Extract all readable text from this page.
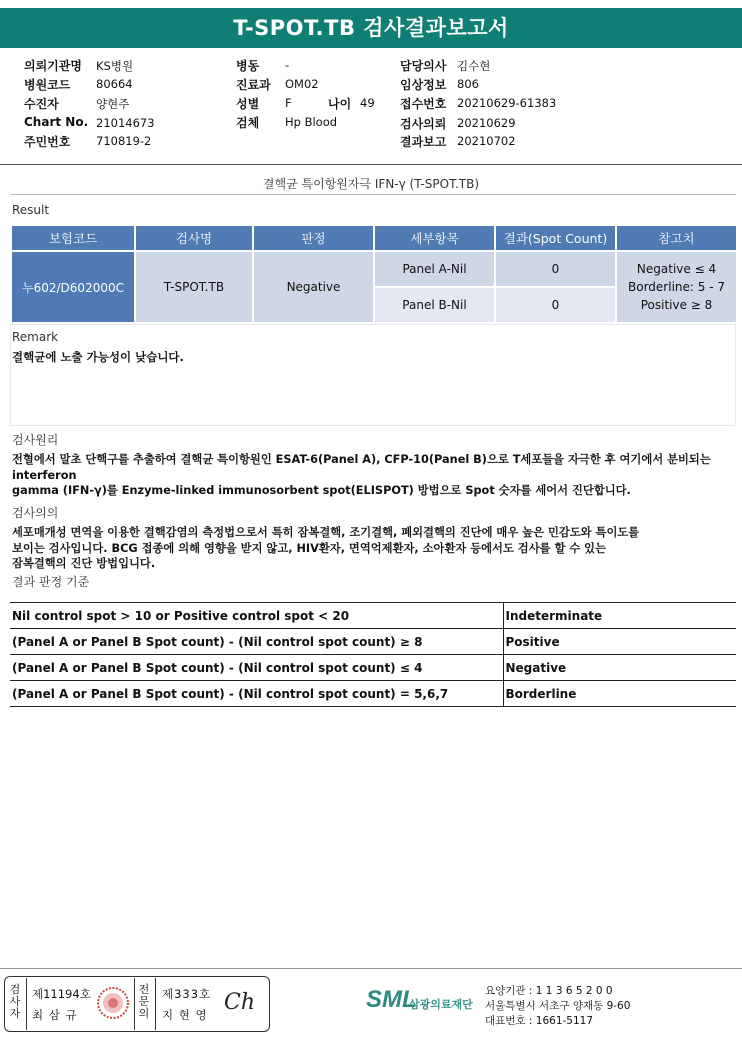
T-SPOT.TB 검사결과보고서
의뢰기관명 KS병원
병원코드 80664
수진자	양현주
Chart No. 21014673
주민번호 710819-2
병동 -
진료과 OM02
성별 F	나이 49
검체 Hp Blood
담당의사 김수현
임상정보 806
접수번호 20210629-61383
검사의뢰 20210629
결과보고 20210702
결핵균 특이항원자극 IFN-γ (T-SPOT.TB)
Result
보험코드	검사명	판정	세부항목	결과(Spot Count)	참고치
누602/D602000C	T-SPOT.TB	Negative	Panel A-Nil	0	Negative ≤ 4
Borderline: 5 - 7
Positive ≥ 8

			Panel B-Nil	0	
Remark
결핵균에 노출 가능성이 낮습니다.
검사원리
전혈에서 말초 단핵구를 추출하여 결핵균 특이항원인 ESAT-6(Panel A), CFP-10(Panel B)으로 T세포들을 자극한 후 여기에서 분비되는
interferon
gamma (IFN-γ)를 Enzyme-linked immunosorbent spot(ELISPOT) 방법으로 Spot 숫자를 세어서 진단합니다.
검사의의
세포매개성 면역을 이용한 결핵감염의 측정법으로서 특히 잠복결핵, 조기결핵, 폐외결핵의 진단에 매우 높은 민감도와 특이도를
보이는 검사입니다. BCG 접종에 의해 영향을 받지 않고, HIV환자, 면역억제환자, 소아환자 등에서도 검사를 할 수 있는
잠복결핵의 진단 방법입니다.
결과 판정 기준
Nil control spot > 10 or Positive control spot < 20	Indeterminate
(Panel A or Panel B Spot count) - (Nil control spot count) ≥ 8	Positive
(Panel A or Panel B Spot count) - (Nil control spot count) ≤ 4	Negative
(Panel A or Panel B Spot count) - (Nil control spot count) = 5,6,7	Borderline
검사자
제11194호
최 삼 규
전문의
제333호
지 현 영 Ch	SML
삼광의료재단
요양기관 : 1 1 3 6 5 2 0 0
서울특별시 서초구 양재동 9-60
대표번호 : 1661-5117
